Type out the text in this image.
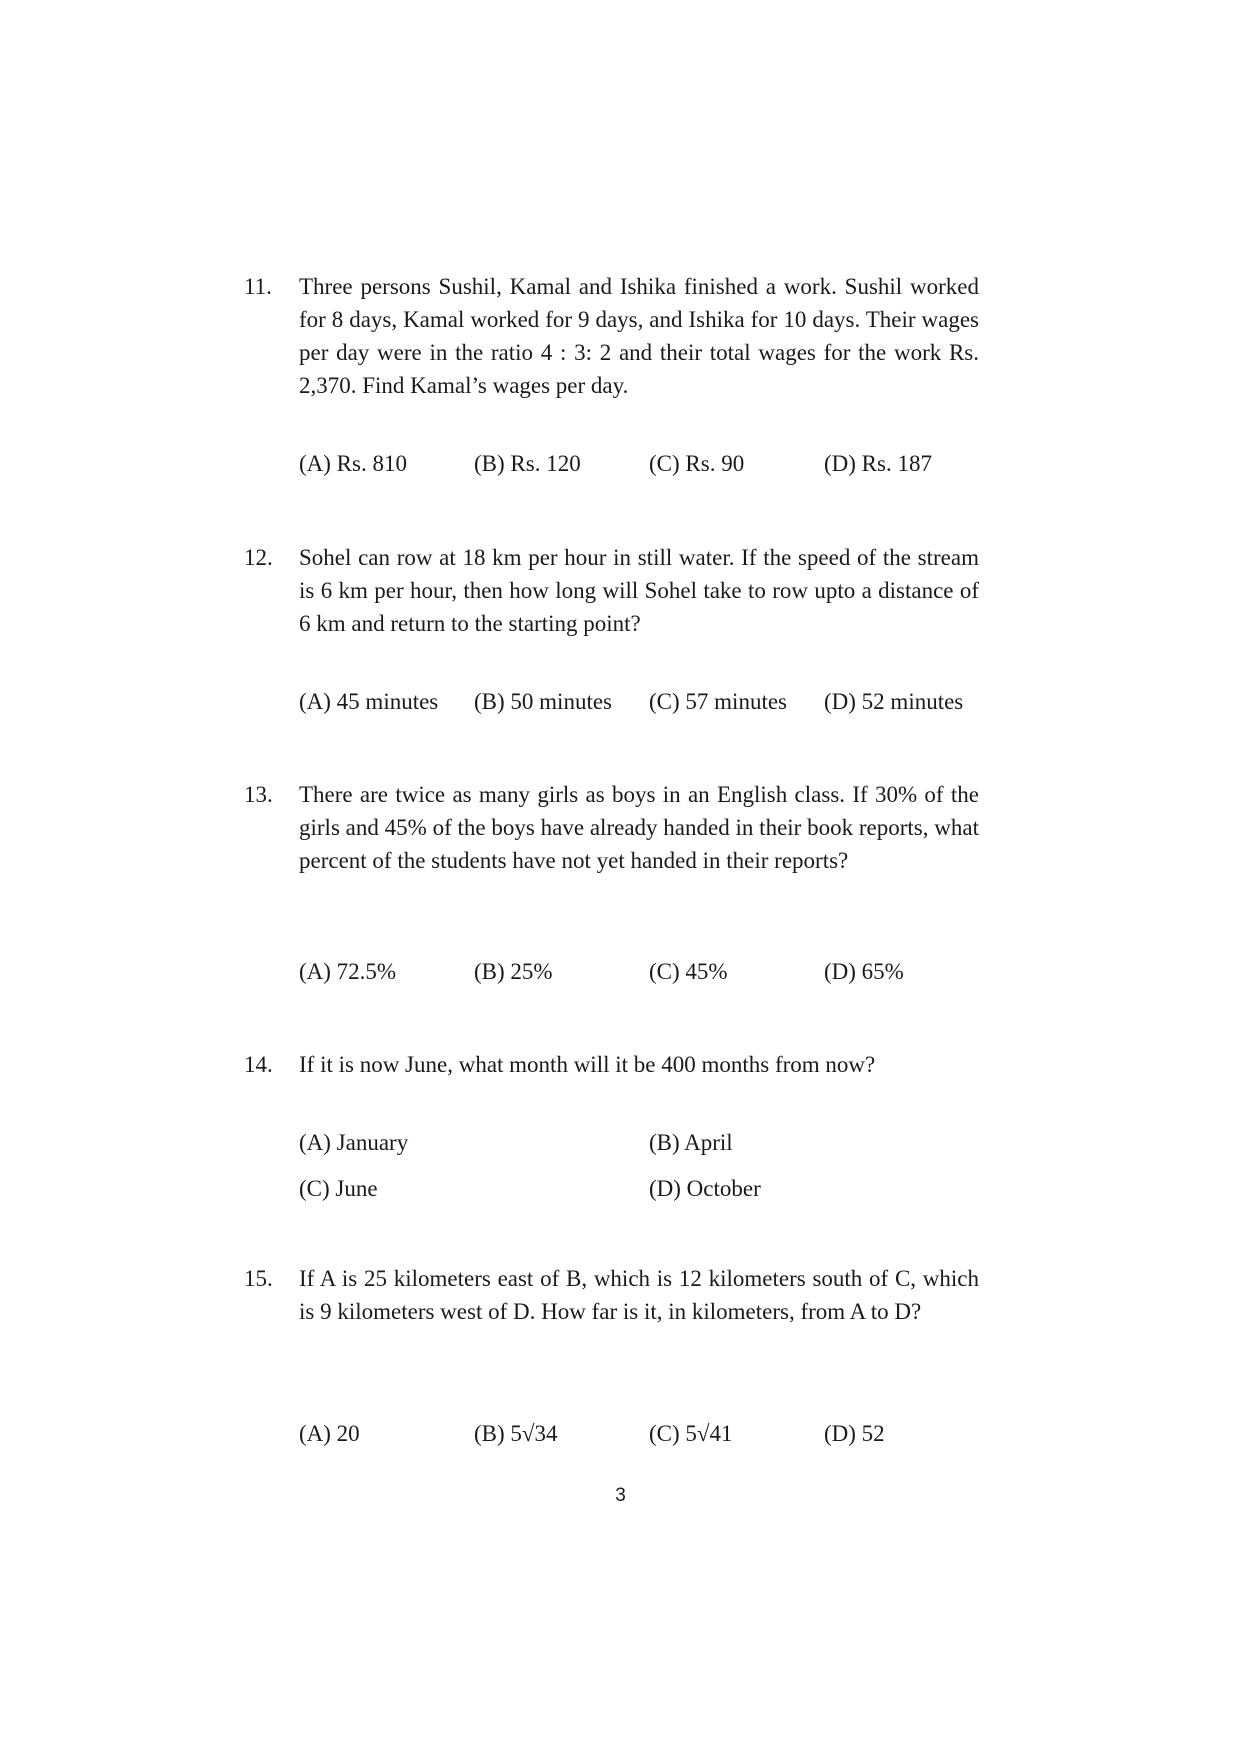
11. Three persons Sushil, Kamal and Ishika finished a work. Sushil worked for 8 days, Kamal worked for 9 days, and Ishika for 10 days. Their wages per day were in the ratio 4 : 3: 2 and their total wages for the work Rs. 2,370. Find Kamal’s wages per day.
(A) Rs. 810	(B) Rs. 120	(C) Rs. 90	(D) Rs. 187
12. Sohel can row at 18 km per hour in still water. If the speed of the stream is 6 km per hour, then how long will Sohel take to row upto a distance of 6 km and return to the starting point?
(A) 45 minutes (B) 50 minutes (C) 57 minutes (D) 52 minutes
13. There are twice as many girls as boys in an English class. If 30% of the girls and 45% of the boys have already handed in their book reports, what percent of the students have not yet handed in their reports?
(A) 72.5%	(B) 25%	(C) 45%	(D) 65%
14. If it is now June, what month will it be 400 months from now?
(A) January	(B) April
(C) June	(D) October
15. If A is 25 kilometers east of B, which is 12 kilometers south of C, which is 9 kilometers west of D. How far is it, in kilometers, from A to D?
(A) 20	(B) 5√34	(C) 5√41	(D) 52
3
